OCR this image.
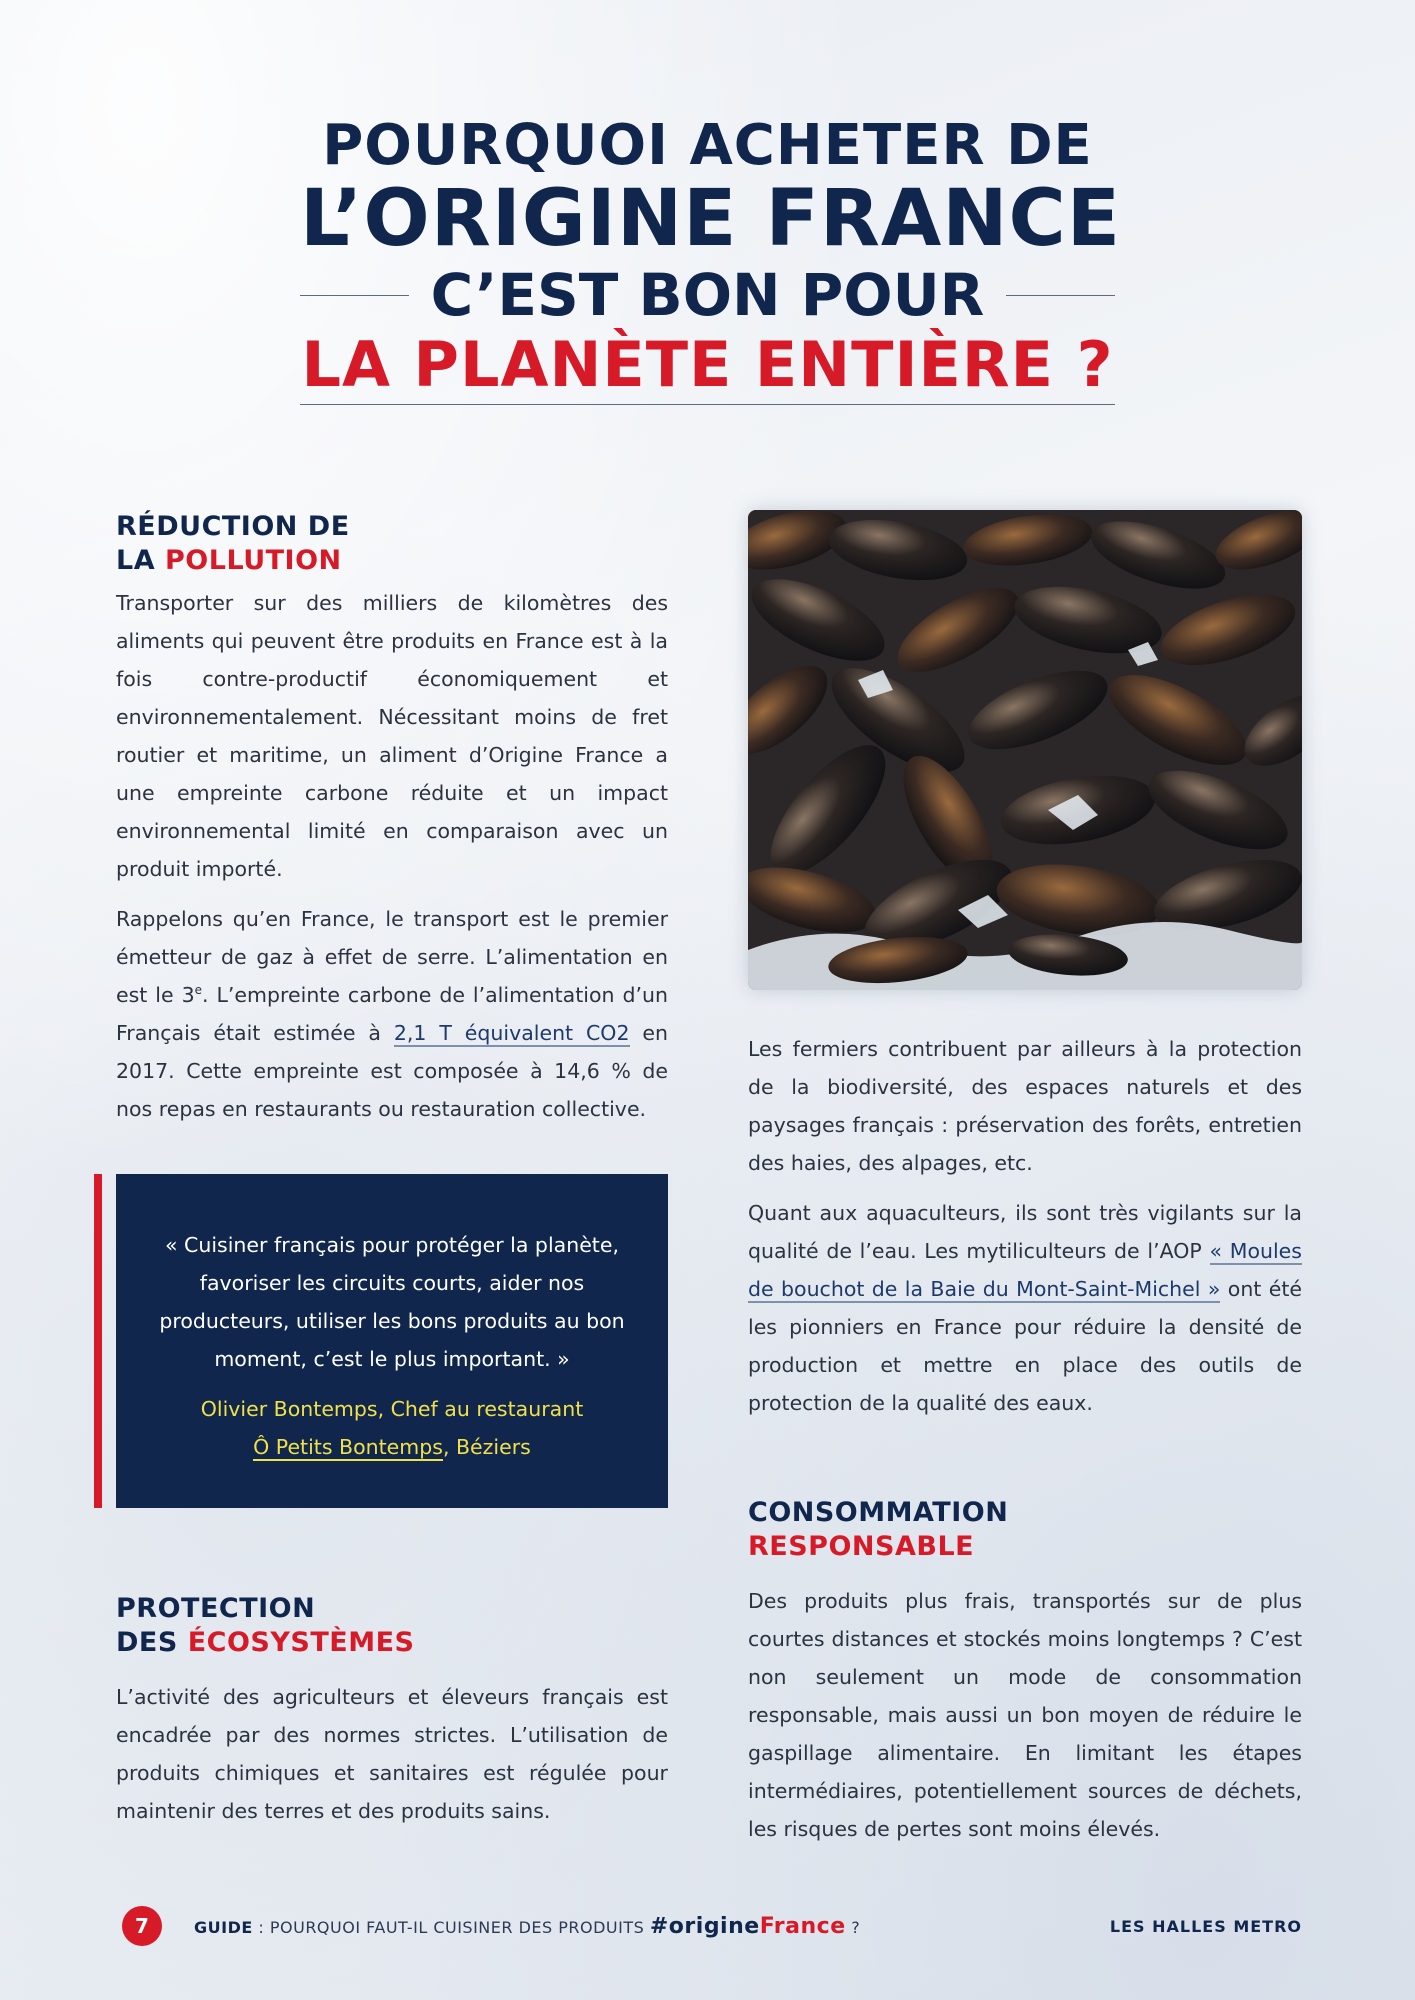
POURQUOI ACHETER DE
L’ORIGINE FRANCE
C’EST BON POUR
LA PLANÈTE ENTIÈRE ?
RÉDUCTION DE
LA POLLUTION

Transporter sur des milliers de kilomètres des aliments qui peuvent être produits en France est à la fois contre-productif économiquement et environnementalement. Nécessitant moins de fret routier et maritime, un aliment d’Origine France a une empreinte carbone réduite et un impact environnemental limité en comparaison avec un produit importé.

Rappelons qu’en France, le transport est le premier émetteur de gaz à effet de serre. L’alimentation en est le 3e. L’empreinte carbone de l’alimentation d’un Français était estimée à 2,1 T équivalent CO2 en 2017. Cette empreinte est composée à 14,6 % de nos repas en restaurants ou restauration collective.

« Cuisiner français pour protéger la planète, favoriser les circuits courts, aider nos producteurs, utiliser les bons produits au bon moment, c’est le plus important. »

Olivier Bontemps, Chef au restaurant
Ô Petits Bontemps, Béziers
PROTECTION
DES ÉCOSYSTÈMES

L’activité des agriculteurs et éleveurs français est encadrée par des normes strictes. L’utilisation de produits chimiques et sanitaires est régulée pour maintenir des terres et des produits sains.

Les fermiers contribuent par ailleurs à la protection de la biodiversité, des espaces naturels et des paysages français : préservation des forêts, entretien des haies, des alpages, etc.

Quant aux aquaculteurs, ils sont très vigilants sur la qualité de l’eau. Les mytiliculteurs de l’AOP « Moules de bouchot de la Baie du Mont-Saint-Michel » ont été les pionniers en France pour réduire la densité de production et mettre en place des outils de protection de la qualité des eaux.

CONSOMMATION
RESPONSABLE

Des produits plus frais, transportés sur de plus courtes distances et stockés moins longtemps ? C’est non seulement un mode de consommation responsable, mais aussi un bon moyen de réduire le gaspillage alimentaire. En limitant les étapes intermédiaires, potentiellement sources de déchets, les risques de pertes sont moins élevés.

7	GUIDE : POURQUOI FAUT-IL CUISINER DES PRODUITS #origineFrance ?	LES HALLES METRO
